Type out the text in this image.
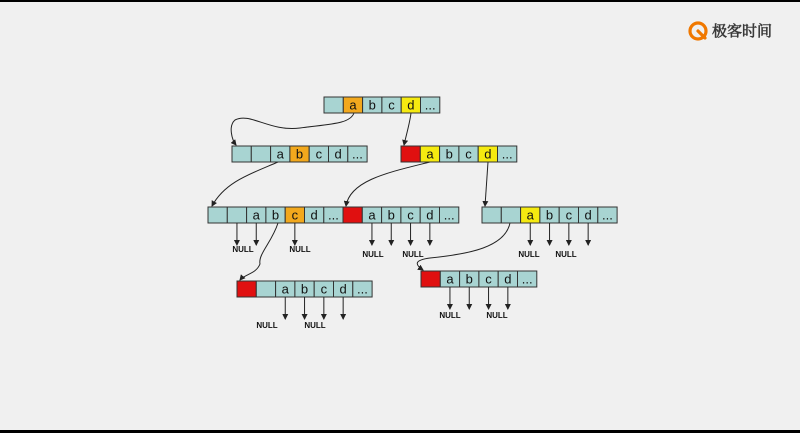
极客时间
a b c d ...
a b c d ...	a b c d ...
a b c d ... a b c d ...	a b c d ...
a b c d ...
a b c d ...
NULL	NULL
NULL NULL	NULL NULL
NULL	NULL
NULL	NULL
